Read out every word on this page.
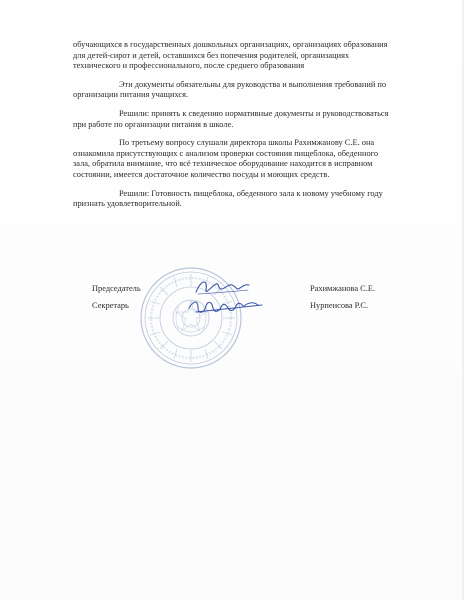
обучающихся в государственных дошкольных организациях, организациях образования для детей-сирот и детей, оставшихся без попечения родителей, организациях технического и профессионального, после среднего образования

Эти документы обязательны для руководства и выполнения требований по организации питания учащихся.

Решили: принять к сведению нормативные документы и руководствоваться при работе по организации питания в школе.

По третьему вопросу слушали директора школы Рахимжанову С.Е. она ознакомила присутствующих с анализом проверки состояния пищеблока, обеденного зала, обратила внимание, что всё техническое оборудование находится в исправном состоянии, имеется достаточное количество посуды и моющих средств.

Решили: Готовность пищеблока, обеденного зала к новому учебному году признать удовлетворительной.

Председатель	Рахимжанова С.Е.
Секретарь	Нурпеисова Р.С.
